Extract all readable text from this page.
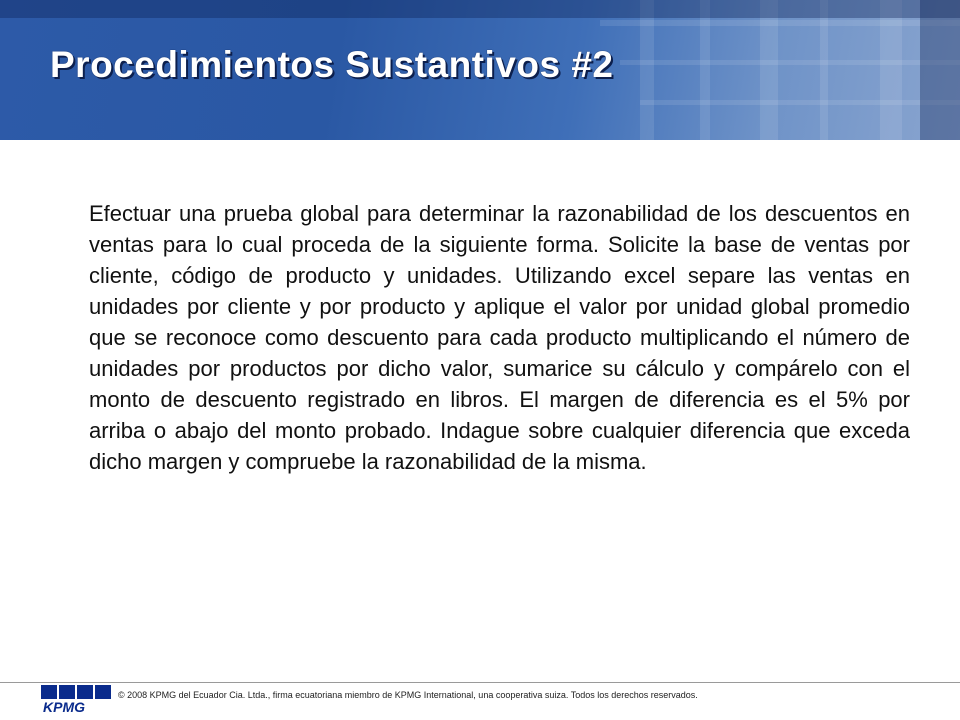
Procedimientos Sustantivos #2

Efectuar una prueba global para determinar la razonabilidad de los descuentos en ventas para lo cual proceda de la siguiente forma. Solicite la base de ventas por cliente, código de producto y unidades. Utilizando excel separe las ventas en unidades por cliente y por producto y aplique el valor por unidad global promedio que se reconoce como descuento para cada producto multiplicando el número de unidades por productos por dicho valor, sumarice su cálculo y compárelo con el monto de descuento registrado en libros. El margen de diferencia es el 5% por arriba o abajo del monto probado. Indague sobre cualquier diferencia que exceda dicho margen y compruebe la razonabilidad de la misma.

KPMG

© 2008 KPMG del Ecuador Cia. Ltda., firma ecuatoriana miembro de KPMG International, una cooperativa suiza. Todos los derechos reservados.
